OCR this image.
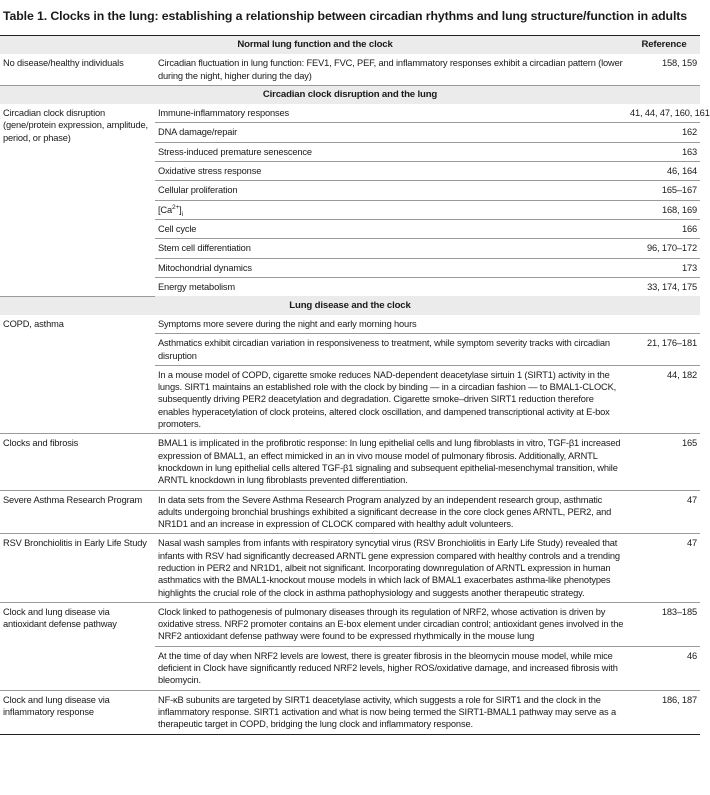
Table 1. Clocks in the lung: establishing a relationship between circadian rhythms and lung structure/function in adults
Normal lung function and the clock		Reference
No disease/healthy individuals	Circadian fluctuation in lung function: FEV1, FVC, PEF, and inflammatory responses exhibit a circadian pattern (lower during the night, higher during the day)	158, 159
Circadian clock disruption and the lung		
Circadian clock disruption (gene/protein expression, amplitude, period, or phase)	Immune-inflammatory responses	41, 44, 47, 160, 161
	DNA damage/repair	162
	Stress-induced premature senescence	163
	Oxidative stress response	46, 164
	Cellular proliferation	165–167
	$[Ca^{2+}]_i$	168, 169
	Cell cycle	166
	Stem cell differentiation	96, 170–172
	Mitochondrial dynamics	173
	Energy metabolism	33, 174, 175
Lung disease and the clock		
COPD, asthma	Symptoms more severe during the night and early morning hours	
	Asthmatics exhibit circadian variation in responsiveness to treatment, while symptom severity tracks with circadian disruption	21, 176–181
	In a mouse model of COPD, cigarette smoke reduces NAD-dependent deacetylase sirtuin 1 (SIRT1) activity in the lungs. SIRT1 maintains an established role with the clock by binding — in a circadian fashion — to BMAL1-CLOCK, subsequently driving PER2 deacetylation and degradation. Cigarette smoke–driven SIRT1 reduction therefore enables hyperacetylation of clock proteins, altered clock oscillation, and dampened transcriptional activity at E-box promoters.	44, 182
Clocks and fibrosis	BMAL1 is implicated in the profibrotic response: In lung epithelial cells and lung fibroblasts in vitro, TGF-β1 increased expression of BMAL1, an effect mimicked in an in vivo mouse model of pulmonary fibrosis. Additionally, ARNTL knockdown in lung epithelial cells altered TGF-β1 signaling and subsequent epithelial-mesenchymal transition, while ARNTL knockdown in lung fibroblasts prevented differentiation.	165
Severe Asthma Research Program	In data sets from the Severe Asthma Research Program analyzed by an independent research group, asthmatic adults undergoing bronchial brushings exhibited a significant decrease in the core clock genes ARNTL, PER2, and NR1D1 and an increase in expression of CLOCK compared with healthy adult volunteers.	47
RSV Bronchiolitis in Early Life Study	Nasal wash samples from infants with respiratory syncytial virus (RSV Bronchiolitis in Early Life Study) revealed that infants with RSV had significantly decreased ARNTL gene expression compared with healthy controls and a trending reduction in PER2 and NR1D1, albeit not significant. Incorporating downregulation of ARNTL expression in human asthmatics with the BMAL1-knockout mouse models in which lack of BMAL1 exacerbates asthma-like phenotypes highlights the crucial role of the clock in asthma pathophysiology and suggests another therapeutic strategy.	47
Clock and lung disease via antioxidant defense pathway	Clock linked to pathogenesis of pulmonary diseases through its regulation of NRF2, whose activation is driven by oxidative stress. NRF2 promoter contains an E-box element under circadian control; antioxidant genes involved in the NRF2 antioxidant defense pathway were found to be expressed rhythmically in the mouse lung	183–185
	At the time of day when NRF2 levels are lowest, there is greater fibrosis in the bleomycin mouse model, while mice deficient in Clock have significantly reduced NRF2 levels, higher ROS/oxidative damage, and increased fibrosis with bleomycin.	46
Clock and lung disease via inflammatory response	NF-κB subunits are targeted by SIRT1 deacetylase activity, which suggests a role for SIRT1 and the clock in the inflammatory response. SIRT1 activation and what is now being termed the SIRT1-BMAL1 pathway may serve as a therapeutic target in COPD, bridging the lung clock and inflammatory response.	186, 187
